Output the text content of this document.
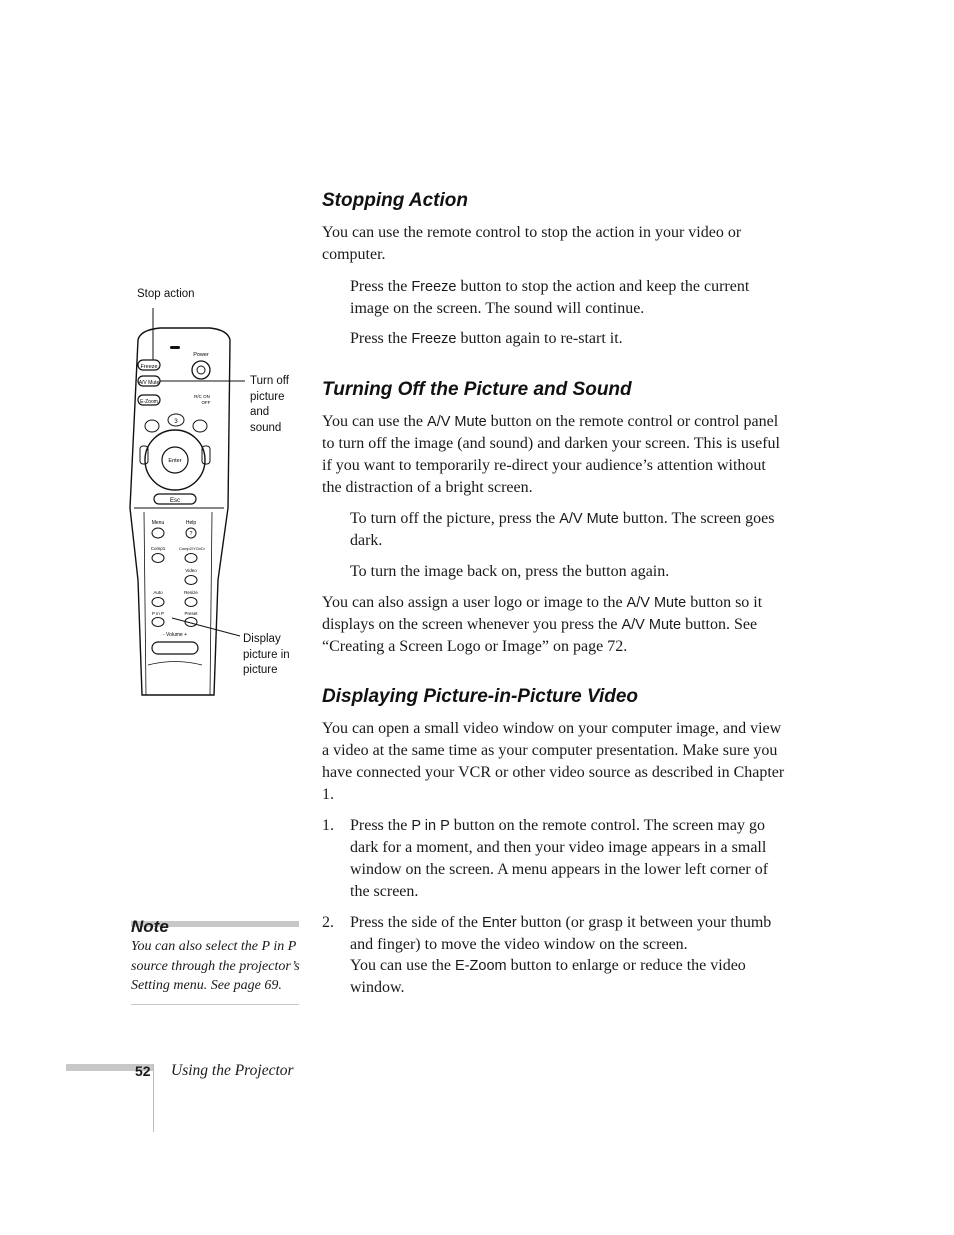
Stop action
Turn off
picture
and
sound
Display
picture in
picture
Freeze
A/V Mute
E-Zoom
Power
R/C ON
OFF
3
Enter
Esc
Menu	Help
?
Comp1	Comp2/YCbCr
Video
Auto	Resize
P in P	Preset
- Volume +
Stopping Action

You can use the remote control to stop the action in your video or computer.

Press the Freeze button to stop the action and keep the current image on the screen. The sound will continue.

Press the Freeze button again to re-start it.

Turning Off the Picture and Sound

You can use the A/V Mute button on the remote control or control panel to turn off the image (and sound) and darken your screen. This is useful if you want to temporarily re-direct your audience’s attention without the distraction of a bright screen.

To turn off the picture, press the A/V Mute button. The screen goes dark.

To turn the image back on, press the button again.

You can also assign a user logo or image to the A/V Mute button so it displays on the screen whenever you press the A/V Mute button. See “Creating a Screen Logo or Image” on page 72.

Displaying Picture-in-Picture Video

You can open a small video window on your computer image, and view a video at the same time as your computer presentation. Make sure you have connected your VCR or other video source as described in Chapter 1.

1. Press the P in P button on the remote control. The screen may go dark for a moment, and then your video image appears in a small window on the screen. A menu appears in the lower left corner of the screen.

2. Press the side of the Enter button (or grasp it between your thumb and finger) to move the video window on the screen.

You can use the E-Zoom button to enlarge or reduce the video window.

Note
You can also select the P in P source through the projector’s Setting menu. See page 69.
52 Using the Projector
